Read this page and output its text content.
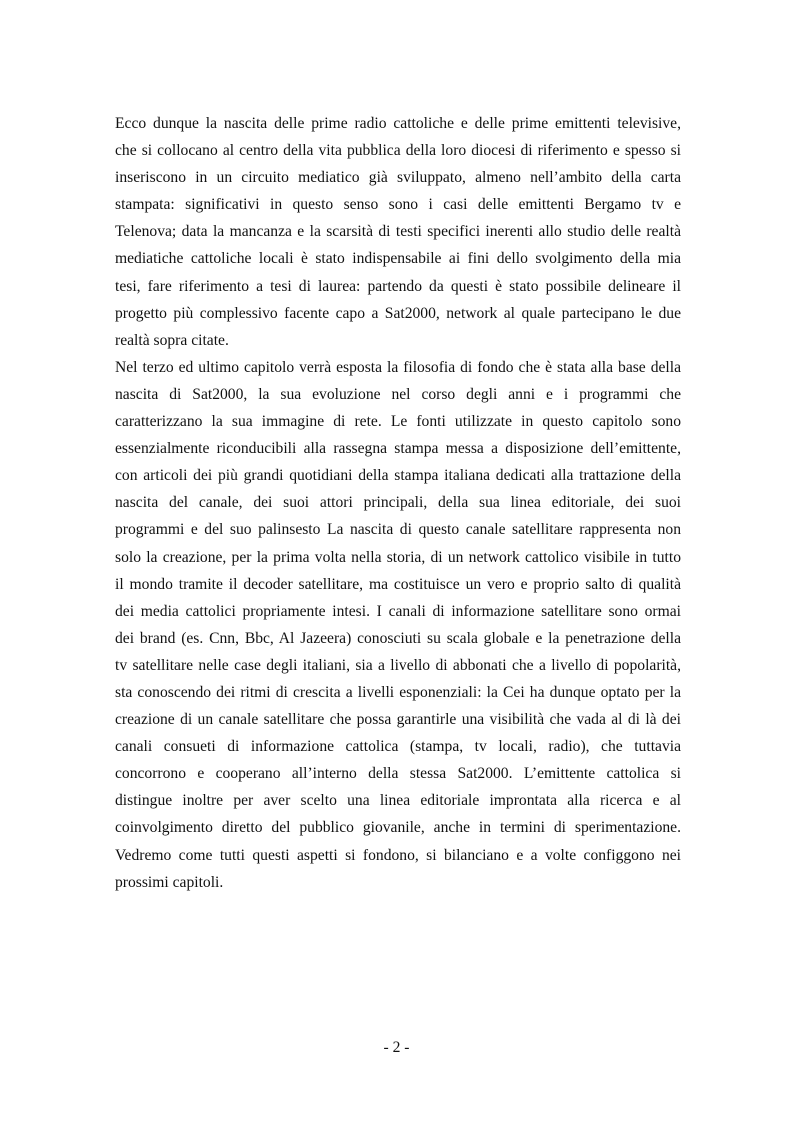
Ecco dunque la nascita delle prime radio cattoliche e delle prime emittenti televisive,
che si collocano al centro della vita pubblica della loro diocesi di riferimento e spesso si
inseriscono in un circuito mediatico già sviluppato, almeno nell’ambito della carta
stampata: significativi in questo senso sono i casi delle emittenti Bergamo tv e
Telenova; data la mancanza e la scarsità di testi specifici inerenti allo studio delle realtà
mediatiche cattoliche locali è stato indispensabile ai fini dello svolgimento della mia
tesi, fare riferimento a tesi di laurea: partendo da questi è stato possibile delineare il
progetto più complessivo facente capo a Sat2000, network al quale partecipano le due
realtà sopra citate.
Nel terzo ed ultimo capitolo verrà esposta la filosofia di fondo che è stata alla base della
nascita di Sat2000, la sua evoluzione nel corso degli anni e i programmi che
caratterizzano la sua immagine di rete. Le fonti utilizzate in questo capitolo sono
essenzialmente riconducibili alla rassegna stampa messa a disposizione dell’emittente,
con articoli dei più grandi quotidiani della stampa italiana dedicati alla trattazione della
nascita del canale, dei suoi attori principali, della sua linea editoriale, dei suoi
programmi e del suo palinsesto La nascita di questo canale satellitare rappresenta non
solo la creazione, per la prima volta nella storia, di un network cattolico visibile in tutto
il mondo tramite il decoder satellitare, ma costituisce un vero e proprio salto di qualità
dei media cattolici propriamente intesi. I canali di informazione satellitare sono ormai
dei brand (es. Cnn, Bbc, Al Jazeera) conosciuti su scala globale e la penetrazione della
tv satellitare nelle case degli italiani, sia a livello di abbonati che a livello di popolarità,
sta conoscendo dei ritmi di crescita a livelli esponenziali: la Cei ha dunque optato per la
creazione di un canale satellitare che possa garantirle una visibilità che vada al di là dei
canali consueti di informazione cattolica (stampa, tv locali, radio), che tuttavia
concorrono e cooperano all’interno della stessa Sat2000. L’emittente cattolica si
distingue inoltre per aver scelto una linea editoriale improntata alla ricerca e al
coinvolgimento diretto del pubblico giovanile, anche in termini di sperimentazione.
Vedremo come tutti questi aspetti si fondono, si bilanciano e a volte configgono nei
prossimi capitoli.
- 2 -
